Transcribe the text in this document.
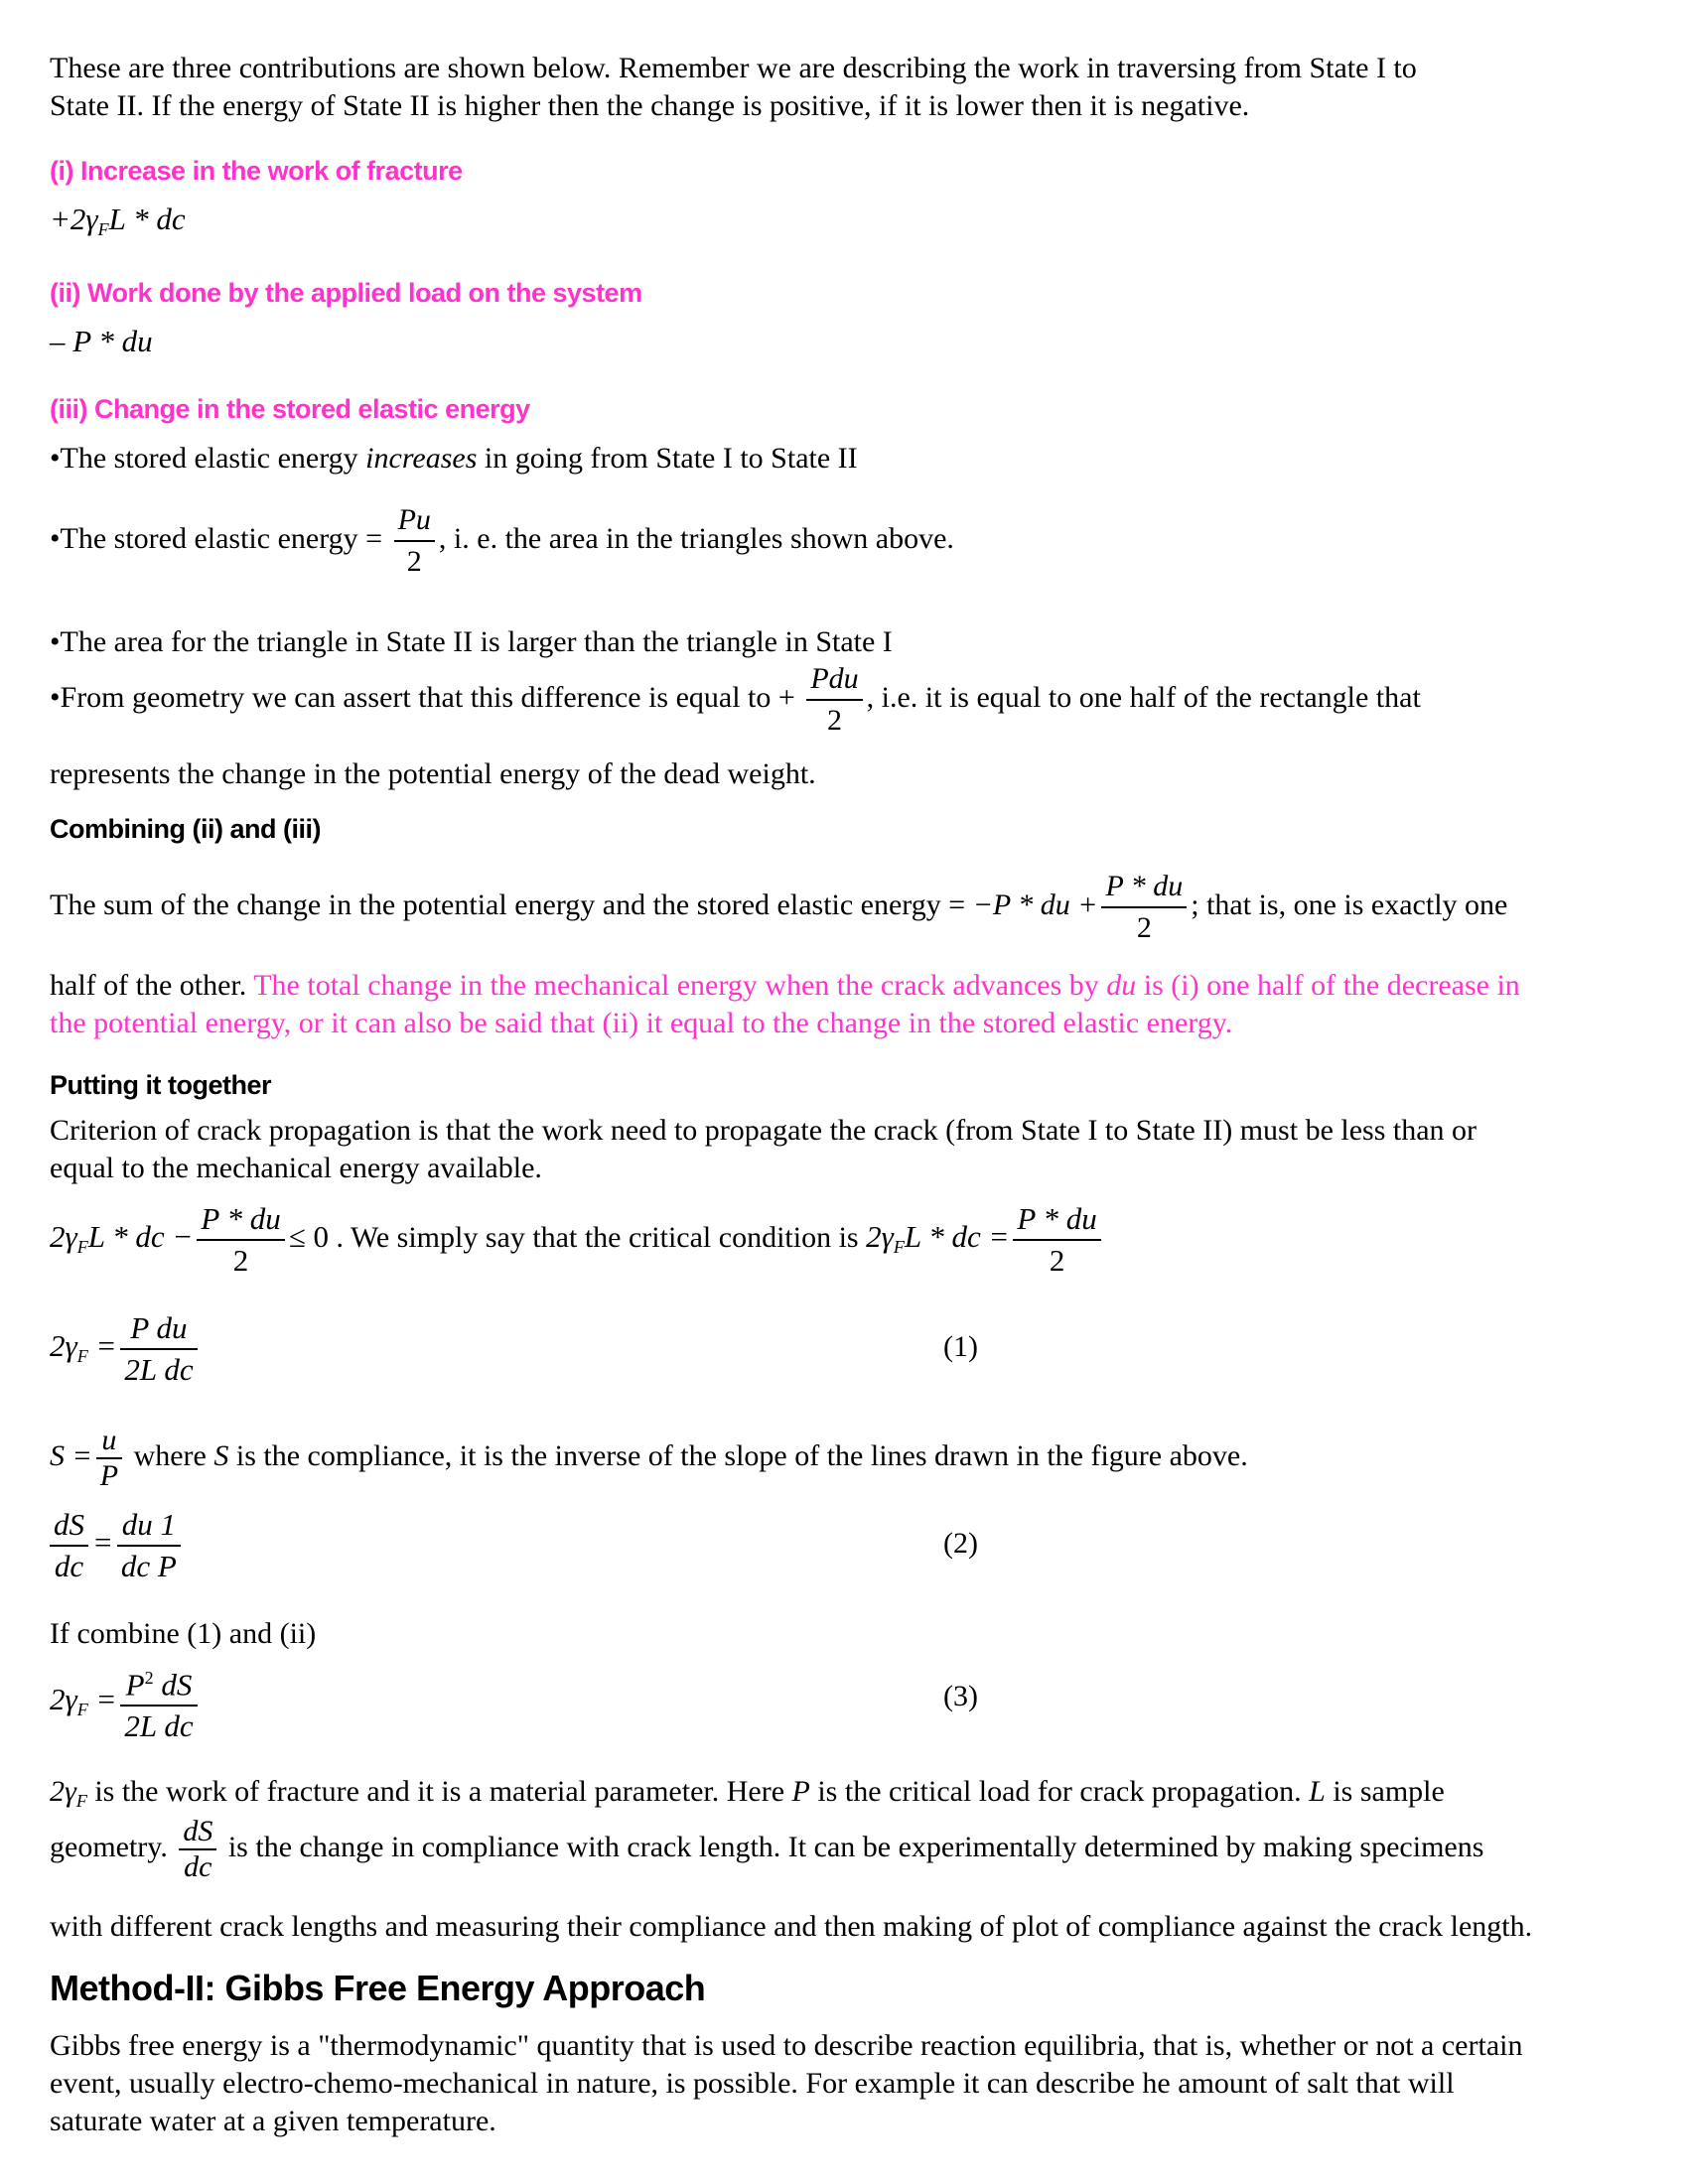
These are three contributions are shown below. Remember we are describing the work in traversing from State I to

State II. If the energy of State II is higher then the change is positive, if it is lower then it is negative.

(i) Increase in the work of fracture

$+2\gamma_FL$ * dc

(ii) Work done by the applied load on the system

– P * du

(iii) Change in the stored elastic energy

•The stored elastic energy increases in going from State I to State II

•The stored elastic energy = $\frac{Pu}{2}$ , i. e. the area in the triangles shown above.

•The area for the triangle in State II is larger than the triangle in State I

•From geometry we can assert that this difference is equal to + $\frac{\text{Pdu}}{2}$ , i.e. it is equal to one half of the rectangle that

represents the change in the potential energy of the dead weight.

Combining (ii) and (iii)

The sum of the change in the potential energy and the stored elastic energy = −P * du + $\frac{P * du}{2}$ ; that is, one is exactly one

half of the other. The total change in the mechanical energy when the crack advances by du is (i) one half of the decrease in

the potential energy, or it can also be said that (ii) it equal to the change in the stored elastic energy.

Putting it together

Criterion of crack propagation is that the work need to propagate the crack (from State I to State II) must be less than or

equal to the mechanical energy available.

$2\gamma_FL$ * dc − $\frac{P * du}{2} \le 0$ . We simply say that the critical condition is $2\gamma_FL$ * dc = $\frac{P * du}{2}$

$2\gamma_F = \frac{\text{P du}}{\text{2L dc}}$	(1)

$S = \frac{u}{P}$ where S is the compliance, it is the inverse of the slope of the lines drawn in the figure above.

$\frac{dS}{dc} = \frac{du 1}{\text{dc P}}$	(2)

If combine (1) and (ii)

$2\gamma_F = \frac{P^2 dS}{\text{2L dc}}$	(3)

$2\gamma_F$ is the work of fracture and it is a material parameter. Here P is the critical load for crack propagation. L is sample

geometry. $\frac{dS}{dc}$ is the change in compliance with crack length. It can be experimentally determined by making specimens

with different crack lengths and measuring their compliance and then making of plot of compliance against the crack length.

Method-II: Gibbs Free Energy Approach

Gibbs free energy is a "thermodynamic" quantity that is used to describe reaction equilibria, that is, whether or not a certain

event, usually electro-chemo-mechanical in nature, is possible. For example it can describe he amount of salt that will

saturate water at a given temperature.
